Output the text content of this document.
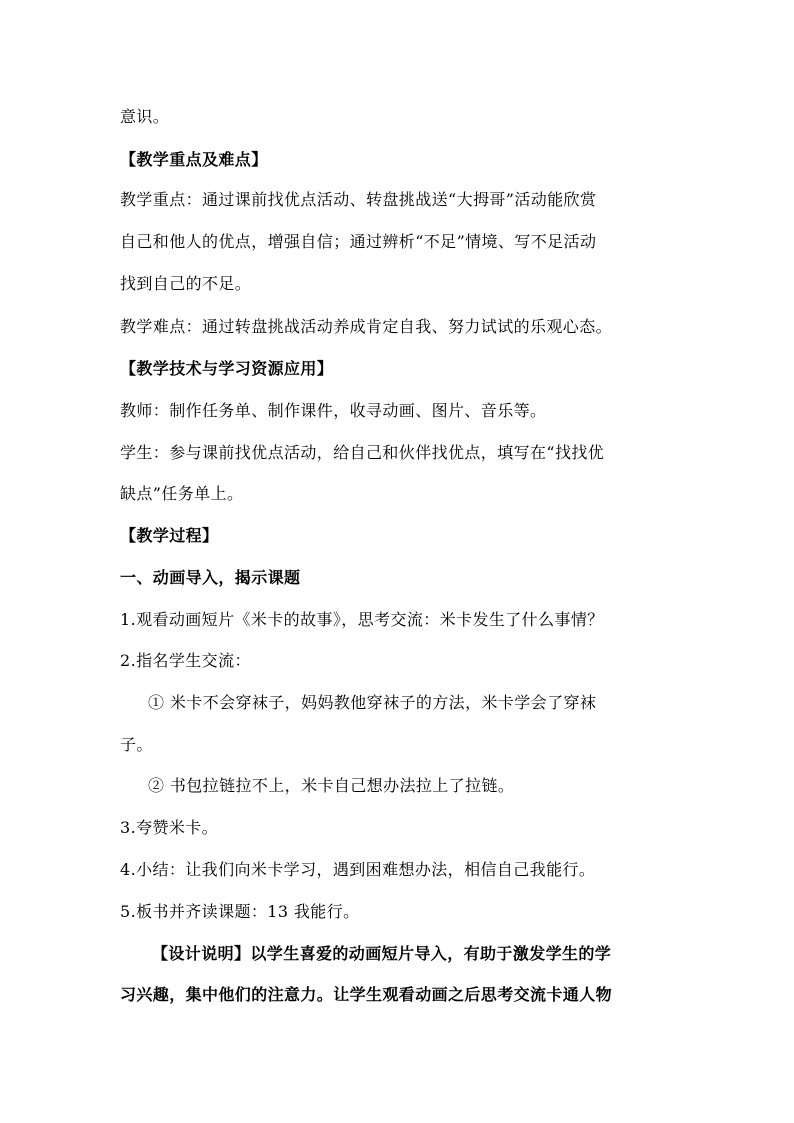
意识。
【教学重点及难点】
教学重点：通过课前找优点活动、转盘挑战送“大拇哥”活动能欣赏
自己和他人的优点，增强自信；通过辨析“不足”情境、写不足活动
找到自己的不足。
教学难点：通过转盘挑战活动养成肯定自我、努力试试的乐观心态。
【教学技术与学习资源应用】
教师：制作任务单、制作课件，收寻动画、图片、音乐等。
学生：参与课前找优点活动，给自己和伙伴找优点，填写在“找找优
缺点”任务单上。
【教学过程】
一、动画导入，揭示课题
1.观看动画短片《米卡的故事》，思考交流：米卡发生了什么事情？
2.指名学生交流：
① 米卡不会穿袜子，妈妈教他穿袜子的方法，米卡学会了穿袜
子。
② 书包拉链拉不上，米卡自己想办法拉上了拉链。
3.夸赞米卡。
4.小结：让我们向米卡学习，遇到困难想办法，相信自己我能行。
5.板书并齐读课题：13 我能行。
【设计说明】以学生喜爱的动画短片导入，有助于激发学生的学
习兴趣，集中他们的注意力。让学生观看动画之后思考交流卡通人物
